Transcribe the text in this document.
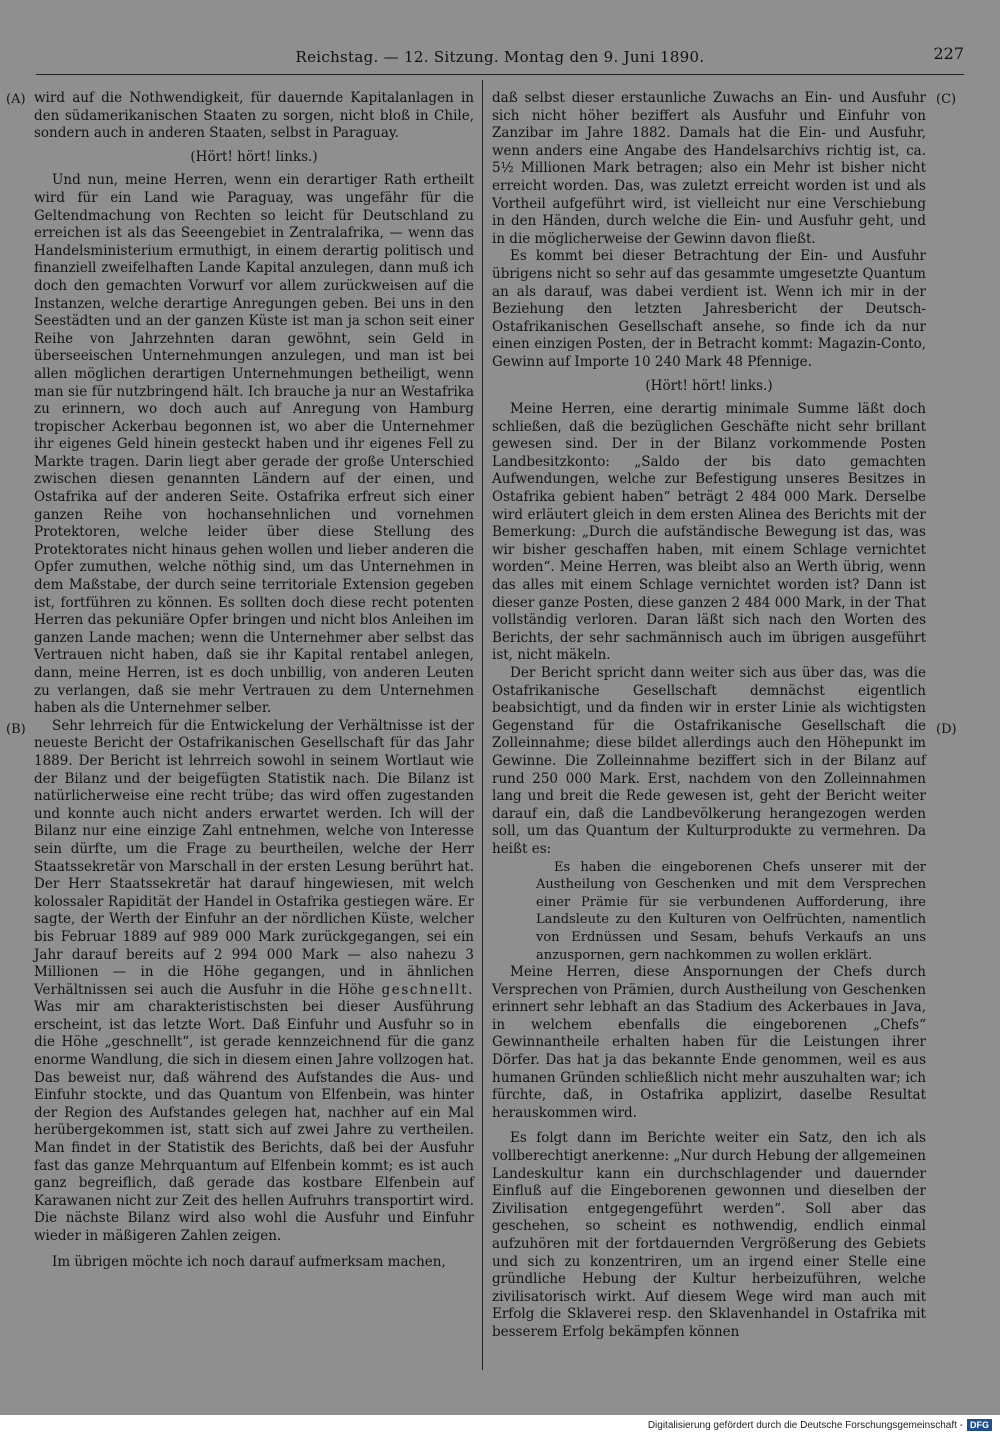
Reichstag. — 12. Sitzung. Montag den 9. Juni 1890.	227
(A)
(B)
(C)
(D)

wird auf die Nothwendigkeit, für dauernde Kapitalanlagen in den südamerikanischen Staaten zu sorgen, nicht bloß in Chile, sondern auch in anderen Staaten, selbst in Paraguay.

(Hört! hört! links.)

Und nun, meine Herren, wenn ein derartiger Rath ertheilt wird für ein Land wie Paraguay, was ungefähr für die Geltendmachung von Rechten so leicht für Deutschland zu erreichen ist als das Seeengebiet in Zentralafrika, — wenn das Handelsministerium ermuthigt, in einem derartig politisch und finanziell zweifelhaften Lande Kapital anzulegen, dann muß ich doch den gemachten Vorwurf vor allem zurückweisen auf die Instanzen, welche derartige Anregungen geben. Bei uns in den Seestädten und an der ganzen Küste ist man ja schon seit einer Reihe von Jahrzehnten daran gewöhnt, sein Geld in überseeischen Unternehmungen anzulegen, und man ist bei allen möglichen derartigen Unternehmungen betheiligt, wenn man sie für nutzbringend hält. Ich brauche ja nur an Westafrika zu erinnern, wo doch auch auf Anregung von Hamburg tropischer Ackerbau begonnen ist, wo aber die Unternehmer ihr eigenes Geld hinein gesteckt haben und ihr eigenes Fell zu Markte tragen. Darin liegt aber gerade der große Unterschied zwischen diesen genannten Ländern auf der einen, und Ostafrika auf der anderen Seite. Ostafrika erfreut sich einer ganzen Reihe von hochansehnlichen und vornehmen Protektoren, welche leider über diese Stellung des Protektorates nicht hinaus gehen wollen und lieber anderen die Opfer zumuthen, welche nöthig sind, um das Unternehmen in dem Maßstabe, der durch seine territoriale Extension gegeben ist, fortführen zu können. Es sollten doch diese recht potenten Herren das pekuniäre Opfer bringen und nicht blos Anleihen im ganzen Lande machen; wenn die Unternehmer aber selbst das Vertrauen nicht haben, daß sie ihr Kapital rentabel anlegen, dann, meine Herren, ist es doch unbillig, von anderen Leuten zu verlangen, daß sie mehr Vertrauen zu dem Unternehmen haben als die Unternehmer selber.

Sehr lehrreich für die Entwickelung der Verhältnisse ist der neueste Bericht der Ostafrikanischen Gesellschaft für das Jahr 1889. Der Bericht ist lehrreich sowohl in seinem Wortlaut wie der Bilanz und der beigefügten Statistik nach. Die Bilanz ist natürlicherweise eine recht trübe; das wird offen zugestanden und konnte auch nicht anders erwartet werden. Ich will der Bilanz nur eine einzige Zahl entnehmen, welche von Interesse sein dürfte, um die Frage zu beurtheilen, welche der Herr Staatssekretär von Marschall in der ersten Lesung berührt hat. Der Herr Staatssekretär hat darauf hingewiesen, mit welch kolossaler Rapidität der Handel in Ostafrika gestiegen wäre. Er sagte, der Werth der Einfuhr an der nördlichen Küste, welcher bis Februar 1889 auf 989 000 Mark zurückgegangen, sei ein Jahr darauf bereits auf 2 994 000 Mark — also nahezu 3 Millionen — in die Höhe gegangen, und in ähnlichen Verhältnissen sei auch die Ausfuhr in die Höhe geschnellt. Was mir am charakteristischsten bei dieser Ausführung erscheint, ist das letzte Wort. Daß Einfuhr und Ausfuhr so in die Höhe „geschnellt“, ist gerade kennzeichnend für die ganz enorme Wandlung, die sich in diesem einen Jahre vollzogen hat. Das beweist nur, daß während des Aufstandes die Aus- und Einfuhr stockte, und das Quantum von Elfenbein, was hinter der Region des Aufstandes gelegen hat, nachher auf ein Mal herübergekommen ist, statt sich auf zwei Jahre zu vertheilen. Man findet in der Statistik des Berichts, daß bei der Ausfuhr fast das ganze Mehrquantum auf Elfenbein kommt; es ist auch ganz begreiflich, daß gerade das kostbare Elfenbein auf Karawanen nicht zur Zeit des hellen Aufruhrs transportirt wird. Die nächste Bilanz wird also wohl die Ausfuhr und Einfuhr wieder in mäßigeren Zahlen zeigen.

Im übrigen möchte ich noch darauf aufmerksam machen,

daß selbst dieser erstaunliche Zuwachs an Ein- und Ausfuhr sich nicht höher beziffert als Ausfuhr und Einfuhr von Zanzibar im Jahre 1882. Damals hat die Ein- und Ausfuhr, wenn anders eine Angabe des Handelsarchivs richtig ist, ca. 5½ Millionen Mark betragen; also ein Mehr ist bisher nicht erreicht worden. Das, was zuletzt erreicht worden ist und als Vortheil aufgeführt wird, ist vielleicht nur eine Verschiebung in den Händen, durch welche die Ein- und Ausfuhr geht, und in die möglicherweise der Gewinn davon fließt.

Es kommt bei dieser Betrachtung der Ein- und Ausfuhr übrigens nicht so sehr auf das gesammte umgesetzte Quantum an als darauf, was dabei verdient ist. Wenn ich mir in der Beziehung den letzten Jahresbericht der Deutsch-Ostafrikanischen Gesellschaft ansehe, so finde ich da nur einen einzigen Posten, der in Betracht kommt: Magazin-Conto, Gewinn auf Importe 10 240 Mark 48 Pfennige.

(Hört! hört! links.)

Meine Herren, eine derartig minimale Summe läßt doch schließen, daß die bezüglichen Geschäfte nicht sehr brillant gewesen sind. Der in der Bilanz vorkommende Posten Landbesitzkonto: „Saldo der bis dato gemachten Aufwendungen, welche zur Befestigung unseres Besitzes in Ostafrika gebient haben“ beträgt 2 484 000 Mark. Derselbe wird erläutert gleich in dem ersten Alinea des Berichts mit der Bemerkung: „Durch die aufständische Bewegung ist das, was wir bisher geschaffen haben, mit einem Schlage vernichtet worden“. Meine Herren, was bleibt also an Werth übrig, wenn das alles mit einem Schlage vernichtet worden ist? Dann ist dieser ganze Posten, diese ganzen 2 484 000 Mark, in der That vollständig verloren. Daran läßt sich nach den Worten des Berichts, der sehr sachmännisch auch im übrigen ausgeführt ist, nicht mäkeln.

Der Bericht spricht dann weiter sich aus über das, was die Ostafrikanische Gesellschaft demnächst eigentlich beabsichtigt, und da finden wir in erster Linie als wichtigsten Gegenstand für die Ostafrikanische Gesellschaft die Zolleinnahme; diese bildet allerdings auch den Höhepunkt im Gewinne. Die Zolleinnahme beziffert sich in der Bilanz auf rund 250 000 Mark. Erst, nachdem von den Zolleinnahmen lang und breit die Rede gewesen ist, geht der Bericht weiter darauf ein, daß die Landbevölkerung herangezogen werden soll, um das Quantum der Kulturprodukte zu vermehren. Da heißt es:

Es haben die eingeborenen Chefs unserer mit der Austheilung von Geschenken und mit dem Versprechen einer Prämie für sie verbundenen Aufforderung, ihre Landsleute zu den Kulturen von Oelfrüchten, namentlich von Erdnüssen und Sesam, behufs Verkaufs an uns anzuspornen, gern nachkommen zu wollen erklärt.

Meine Herren, diese Anspornungen der Chefs durch Versprechen von Prämien, durch Austheilung von Geschenken erinnert sehr lebhaft an das Stadium des Ackerbaues in Java, in welchem ebenfalls die eingeborenen „Chefs“ Gewinnantheile erhalten haben für die Leistungen ihrer Dörfer. Das hat ja das bekannte Ende genommen, weil es aus humanen Gründen schließlich nicht mehr auszuhalten war; ich fürchte, daß, in Ostafrika applizirt, daselbe Resultat herauskommen wird.

Es folgt dann im Berichte weiter ein Satz, den ich als vollberechtigt anerkenne: „Nur durch Hebung der allgemeinen Landeskultur kann ein durchschlagender und dauernder Einfluß auf die Eingeborenen gewonnen und dieselben der Zivilisation entgegengeführt werden“. Soll aber das geschehen, so scheint es nothwendig, endlich einmal aufzuhören mit der fortdauernden Vergrößerung des Gebiets und sich zu konzentriren, um an irgend einer Stelle eine gründliche Hebung der Kultur herbeizuführen, welche zivilisatorisch wirkt. Auf diesem Wege wird man auch mit Erfolg die Sklaverei resp. den Sklavenhandel in Ostafrika mit besserem Erfolg bekämpfen können

Digitalisierung gefördert durch die Deutsche Forschungsgemeinschaft - DFG
